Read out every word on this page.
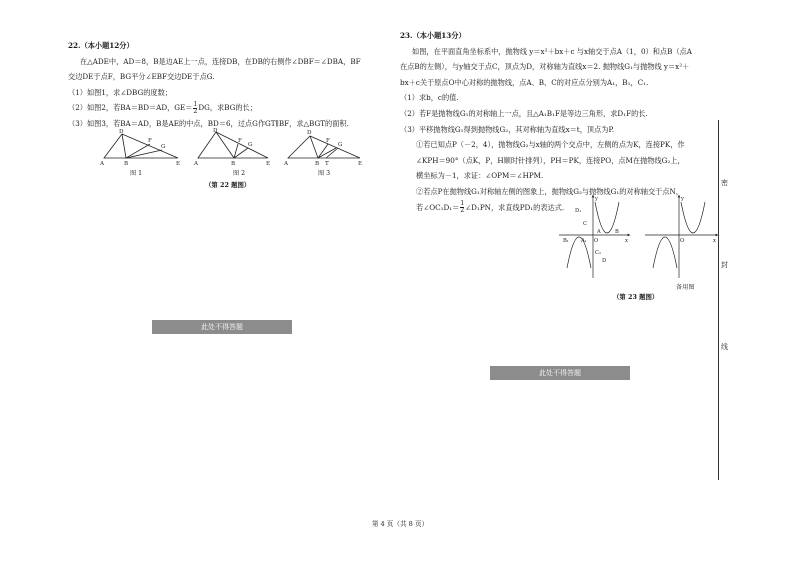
22.（本小题12分）

在△ADE中，AD＝8，B是边AE上一点，连接DB，在DB的右侧作∠DBF＝∠DBA，BF

交边DE于点F，BG平分∠EBF交边DE于点G.

（1）如图1，求∠DBG的度数；

（2）如图2，若BA＝BD＝AD，$GE= \frac{1}{2}$ DG，求BG的长；

（3）如图3，若BA＝AD，B是AE的中点，BD＝6，过点G作GT∥BF，求△BGT的面积.

A
D
B
F
G
E A
D
B
F
G
E A
D
B
F
G
T	E
图 1	图 2	图 3
（第 22 题图）
此处不得答题

23.（本小题13分）

如图，在平面直角坐标系中，抛物线 y＝x²＋bx＋c 与x轴交于点A（1，0）和点B（点A

在点B的左侧），与y轴交于点C，顶点为D，对称轴为直线x＝2. 抛物线G₁与抛物线 y＝x²＋

bx＋c关于原点O中心对称的抛物线，点A、B、C的对应点分别为A₁，B₁，C₁.

（1）求b，c的值.

（2）若F是抛物线G₁的对称轴上一点，且△A₁B₁F是等边三角形，求D₁F的长.

（3）平移抛物线G₁得到抛物线G₂，其对称轴为直线x＝t，顶点为P.

①若已知点P（－2，4），抛物线G₂与x轴的两个交点中，左侧的点为K，连接PK，作

∠KPH＝90°（点K，P，H顺时针排列），PH＝PK，连接PO，点M在抛物线G₂上，

横坐标为－1，求证：∠OPM＝∠HPM.

②若点P在抛物线G₁对称轴左侧的图象上，抛物线G₂与抛物线G₁的对称轴交于点N，

若∠OC₁D₁＝ $\frac{1}{2}$ ∠D₁PN，求直线PD₁的表达式.

y
x
O
A	B
C
D
D₁
C₁
B₁ A₁
y
x
O
备用图
（第 23 题图）
此处不得答题
密
封
线
第 4 页（共 8 页）
